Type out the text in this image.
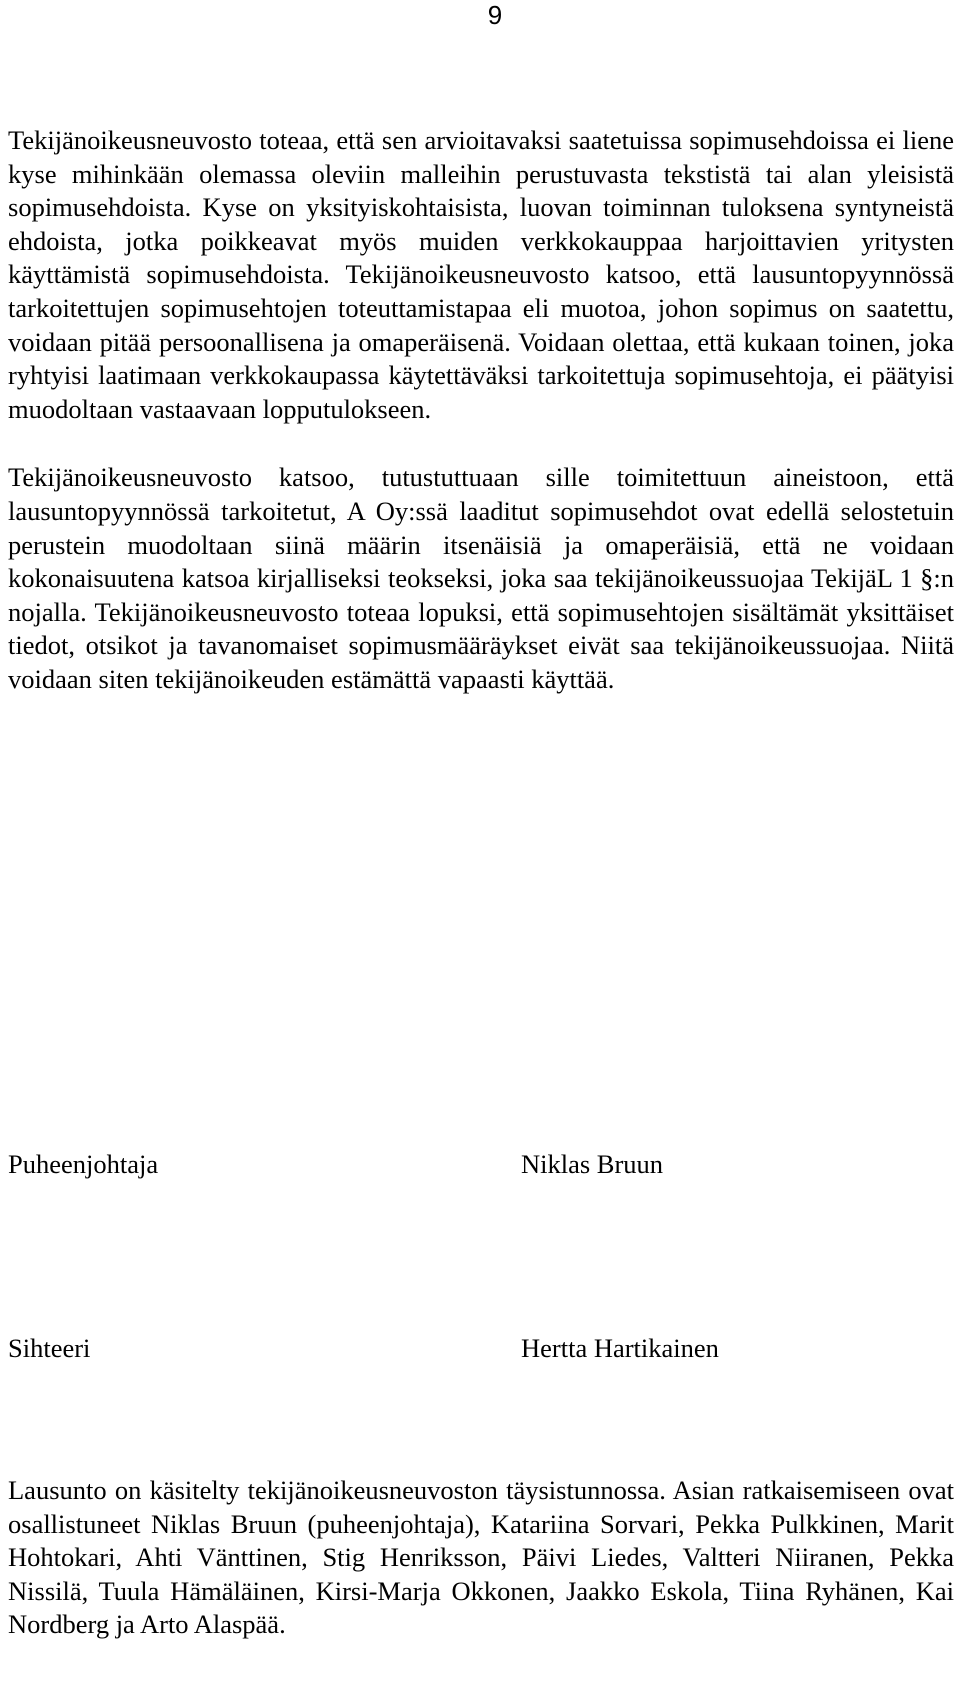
9

Tekijänoikeusneuvosto toteaa, että sen arvioitavaksi saatetuissa sopimusehdoissa ei liene kyse mihinkään olemassa oleviin malleihin perustuvasta tekstistä tai alan yleisistä sopimusehdoista. Kyse on yksityiskohtaisista, luovan toiminnan tuloksena syntyneistä ehdoista, jotka poikkeavat myös muiden verkkokauppaa harjoittavien yritysten käyttämistä sopimusehdoista. Tekijänoikeusneuvosto katsoo, että lausuntopyynnössä tarkoitettujen sopimusehtojen toteuttamistapaa eli muotoa, johon sopimus on saatettu, voidaan pitää persoonallisena ja omaperäisenä. Voidaan olettaa, että kukaan toinen, joka ryhtyisi laatimaan verkkokaupassa käytettäväksi tarkoitettuja sopimusehtoja, ei päätyisi muodoltaan vastaavaan lopputulokseen.

Tekijänoikeusneuvosto katsoo, tutustuttuaan sille toimitettuun aineistoon, että lausuntopyynnössä tarkoitetut, A Oy:ssä laaditut sopimusehdot ovat edellä selostetuin perustein muodoltaan siinä määrin itsenäisiä ja omaperäisiä, että ne voidaan kokonaisuutena katsoa kirjalliseksi teokseksi, joka saa tekijänoikeussuojaa TekijäL 1 §:n nojalla. Tekijänoikeusneuvosto toteaa lopuksi, että sopimusehtojen sisältämät yksittäiset tiedot, otsikot ja tavanomaiset sopimusmääräykset eivät saa tekijänoikeussuojaa. Niitä voidaan siten tekijänoikeuden estämättä vapaasti käyttää.

Puheenjohtaja	Niklas Bruun
Sihteeri	Hertta Hartikainen

Lausunto on käsitelty tekijänoikeusneuvoston täysistunnossa. Asian ratkaisemiseen ovat osallistuneet Niklas Bruun (puheenjohtaja), Katariina Sorvari, Pekka Pulkkinen, Marit Hohtokari, Ahti Vänttinen, Stig Henriksson, Päivi Liedes, Valtteri Niiranen, Pekka Nissilä, Tuula Hämäläinen, Kirsi-Marja Okkonen, Jaakko Eskola, Tiina Ryhänen, Kai Nordberg ja Arto Alaspää.
